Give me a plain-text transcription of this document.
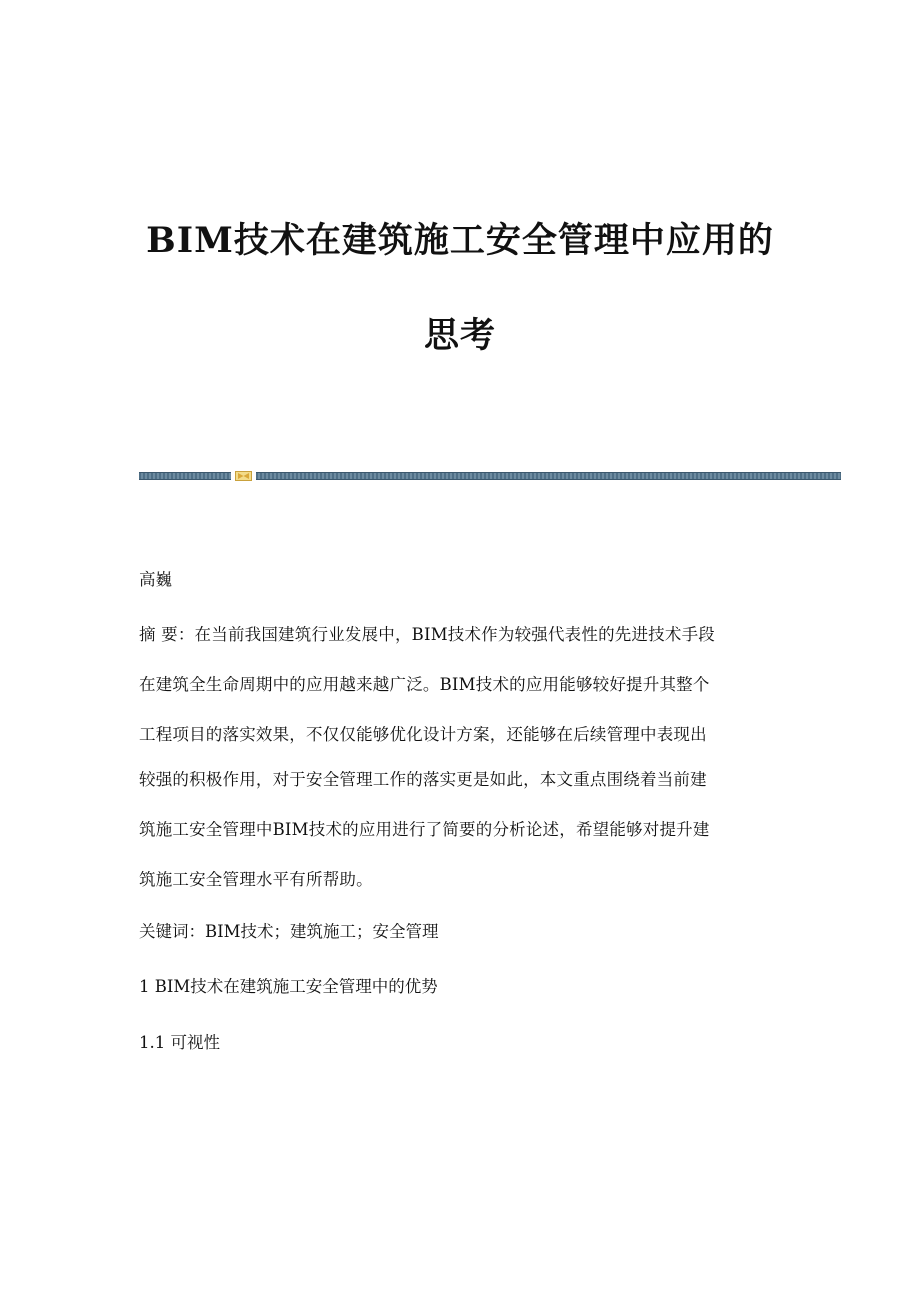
BIM技术在建筑施工安全管理中应用的
思考

高巍

摘 要：在当前我国建筑行业发展中，BIM技术作为较强代表性的先进技术手段

在建筑全生命周期中的应用越来越广泛。BIM技术的应用能够较好提升其整个

工程项目的落实效果，不仅仅能够优化设计方案，还能够在后续管理中表现出

较强的积极作用，对于安全管理工作的落实更是如此，本文重点围绕着当前建

筑施工安全管理中BIM技术的应用进行了简要的分析论述，希望能够对提升建

筑施工安全管理水平有所帮助。

关键词：BIM技术；建筑施工；安全管理

1 BIM技术在建筑施工安全管理中的优势

1.1 可视性
